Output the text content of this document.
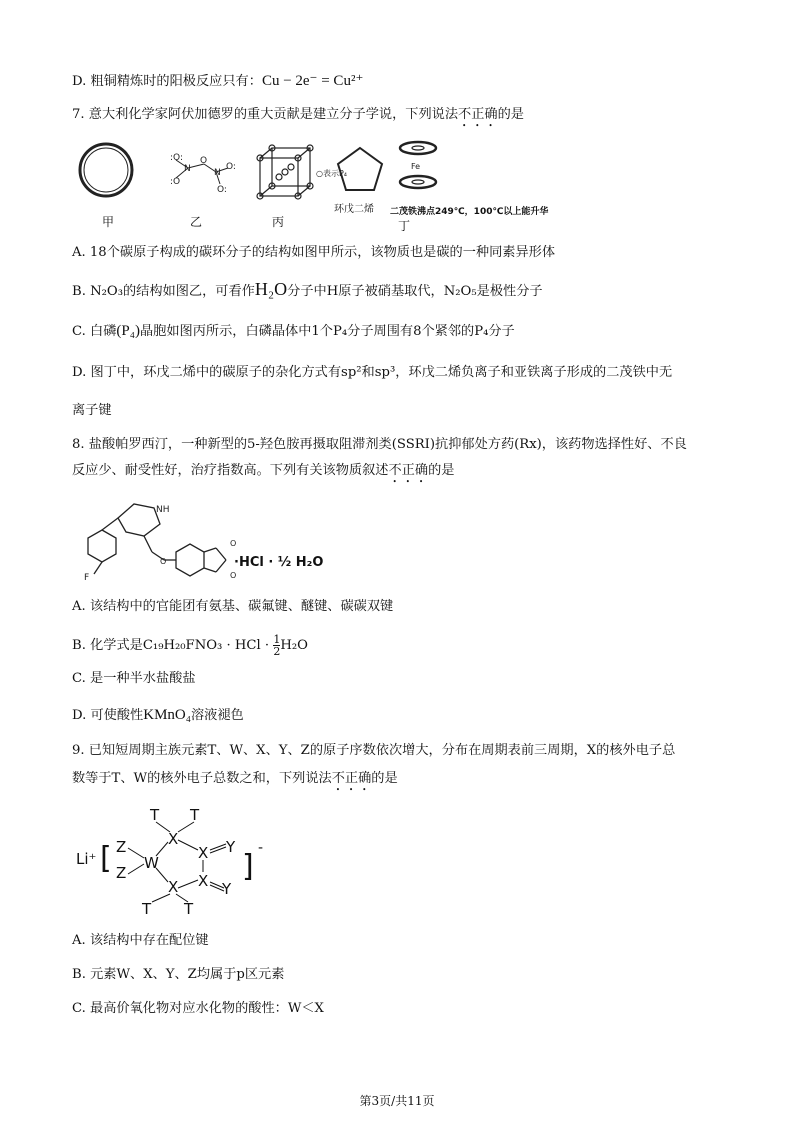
D. 粗铜精炼时的阳极反应只有：Cu − 2e⁻ = Cu²⁺
7. 意大利化学家阿伏加德罗的重大贡献是建立分子学说，下列说法不正确的是
:O:
N
O
N
O:
:O
O:
○表示P₄
Fe
甲	乙	丙
环戊二烯
丁
二茂铁沸点249℃，100℃以上能升华
A. 18个碳原子构成的碳环分子的结构如图甲所示，该物质也是碳的一种同素异形体
B. N₂O₃的结构如图乙，可看作H₂O分子中H原子被硝基取代，N₂O₅是极性分子
C. 白磷(P₄)晶胞如图丙所示，白磷晶体中1个P₄分子周围有8个紧邻的P₄分子
D. 图丁中，环戊二烯中的碳原子的杂化方式有sp²和sp³，环戊二烯负离子和亚铁离子形成的二茂铁中无
离子键
8. 盐酸帕罗西汀，一种新型的5-羟色胺再摄取阻滞剂类(SSRI)抗抑郁处方药(Rx)，该药物选择性好、不良
反应少、耐受性好，治疗指数高。下列有关该物质叙述不正确的是
NH
F
O
O
O	·HCl · ½ H₂O
A. 该结构中的官能团有氨基、碳氟键、醚键、碳碳双键
B. 化学式是C₁₉H₂₀FNO₃ · HCl · $\frac{1}{2} H_2O$
C. 是一种半水盐酸盐
D. 可使酸性KMnO₄溶液褪色
9. 已知短周期主族元素T、W、X、Y、Z的原子序数依次增大，分布在周期表前三周期，X的核外电子总
数等于T、W的核外电子总数之和，下列说法不正确的是
Li⁺ [	]
-
Z
Z
W
X
X
X
X
Y
Y
T T
T T
A. 该结构中存在配位键
B. 元素W、X、Y、Z均属于p区元素
C. 最高价氧化物对应水化物的酸性：W＜X
第3页/共11页
